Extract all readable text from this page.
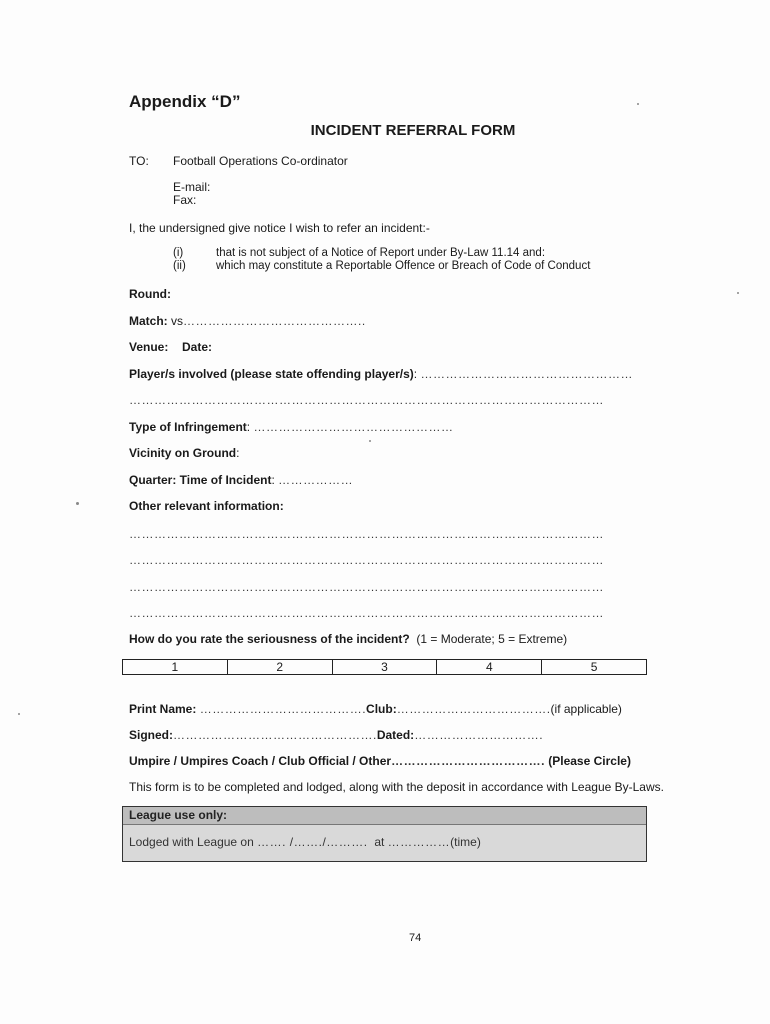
Appendix “D”
INCIDENT REFERRAL FORM
TO: Football Operations Co-ordinator
E-mail:
Fax:
I, the undersigned give notice I wish to refer an incident:-
(i)	that is not subject of a Notice of Report under By-Law 11.14 and:
(ii)	which may constitute a Reportable Offence or Breach of Code of Conduct
Round:
Match: vs……………………………………..
Venue: Date:
Player/s involved (please state offending player/s): ……………………………………………
……………………………………………………………………………………………………
Type of Infringement: …………………………………………
Vicinity on Ground:
Quarter: Time of Incident: ………………
Other relevant information:
……………………………………………………………………………………………………
……………………………………………………………………………………………………
……………………………………………………………………………………………………
……………………………………………………………………………………………………
How do you rate the seriousness of the incident? (1 = Moderate; 5 = Extreme)
1	2	3	4	5
Print Name: ………………………………….Club:……………………………….(if applicable)
Signed:………………………………………….Dated:………………………….
Umpire / Umpires Coach / Club Official / Other………………………………. (Please Circle)
This form is to be completed and lodged, along with the deposit in accordance with League By-Laws.
League use only:
Lodged with League on ……. /……./………. at ……………(time)
74
